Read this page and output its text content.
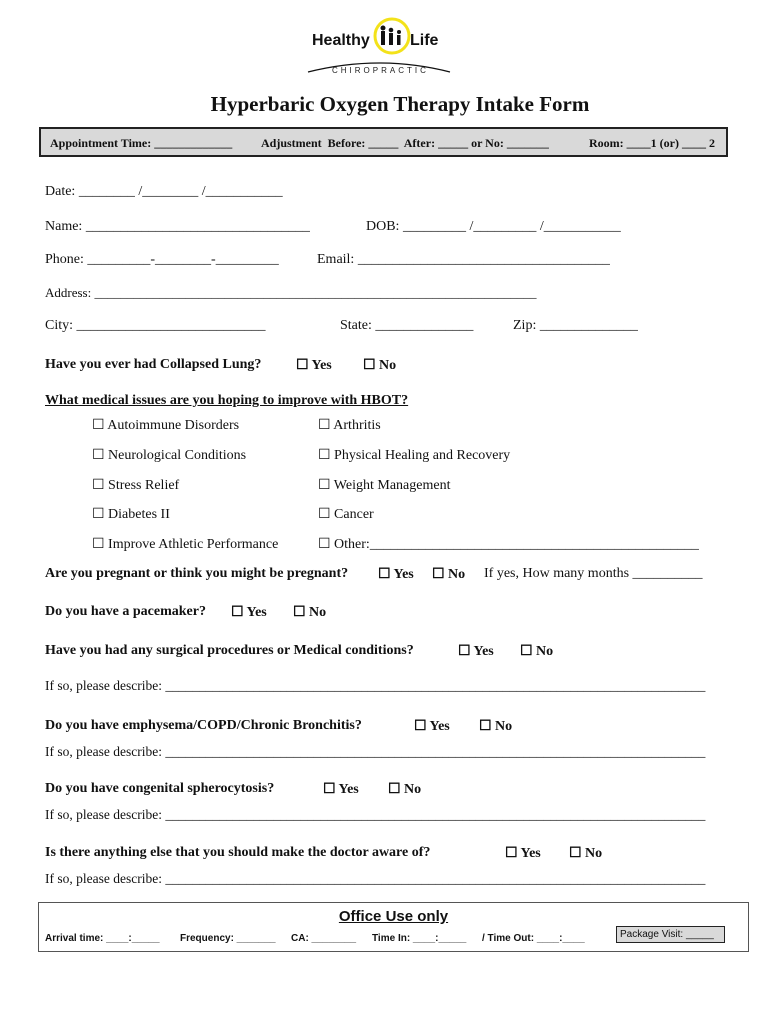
Healthy	Life
CHIROPRACTIC
Hyperbaric Oxygen Therapy Intake Form
Appointment Time: _____________ Adjustment  Before: _____  After: _____ or No: _______	Room: ____1 (or) ____ 2
Date: ________ /________ /___________
Name: ________________________________	DOB: _________ /_________ /___________
Phone: _________-________-_________	Email: ____________________________________
Address: ____________________________________________________________________
City: ___________________________	State: ______________	Zip: ______________
Have you ever had Collapsed Lung? ☐ Yes ☐ No
What medical issues are you hoping to improve with HBOT?
☐ Autoimmune Disorders
☐ Neurological Conditions
☐ Stress Relief
☐ Diabetes II
☐ Improve Athletic Performance
☐ Arthritis
☐ Physical Healing and Recovery
☐ Weight Management
☐ Cancer
☐ Other:_______________________________________________
Are you pregnant or think you might be pregnant? ☐ Yes ☐ No If yes, How many months __________
Do you have a pacemaker? ☐ Yes ☐ No
Have you had any surgical procedures or Medical conditions?	☐ Yes ☐ No
If so, please describe: ________________________________________________________________________________
Do you have emphysema/COPD/Chronic Bronchitis?	☐ Yes ☐ No
If so, please describe: ________________________________________________________________________________
Do you have congenital spherocytosis?	☐ Yes ☐ No
If so, please describe: ________________________________________________________________________________
Is there anything else that you should make the doctor aware of?	☐ Yes ☐ No
If so, please describe: ________________________________________________________________________________
Office Use only
Arrival time: ____:_____ Frequency: _______ CA: ________ Time In: ____:_____ / Time Out: ____:____	Package Visit: _____
